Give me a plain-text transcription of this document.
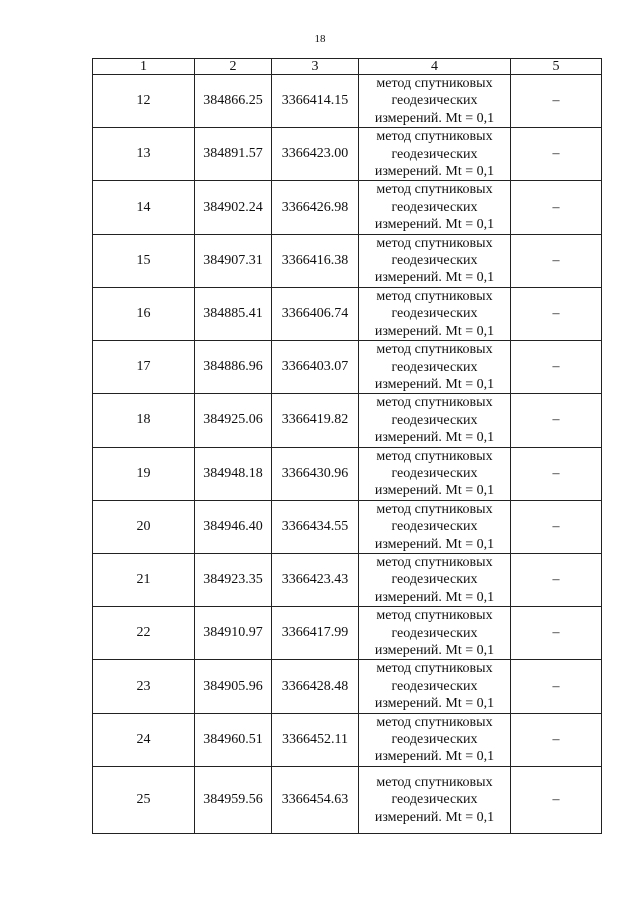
18
1	2	3	4	5
12	384866.25	3366414.15	метод спутниковых
геодезических
измерений. Mt = 0,1	–
13	384891.57	3366423.00	метод спутниковых
геодезических
измерений. Mt = 0,1	–
14	384902.24	3366426.98	метод спутниковых
геодезических
измерений. Mt = 0,1	–
15	384907.31	3366416.38	метод спутниковых
геодезических
измерений. Mt = 0,1	–
16	384885.41	3366406.74	метод спутниковых
геодезических
измерений. Mt = 0,1	–
17	384886.96	3366403.07	метод спутниковых
геодезических
измерений. Mt = 0,1	–
18	384925.06	3366419.82	метод спутниковых
геодезических
измерений. Mt = 0,1	–
19	384948.18	3366430.96	метод спутниковых
геодезических
измерений. Mt = 0,1	–
20	384946.40	3366434.55	метод спутниковых
геодезических
измерений. Mt = 0,1	–
21	384923.35	3366423.43	метод спутниковых
геодезических
измерений. Mt = 0,1	–
22	384910.97	3366417.99	метод спутниковых
геодезических
измерений. Mt = 0,1	–
23	384905.96	3366428.48	метод спутниковых
геодезических
измерений. Mt = 0,1	–
24	384960.51	3366452.11	метод спутниковых
геодезических
измерений. Mt = 0,1	–
25	384959.56	3366454.63	метод спутниковых
геодезических
измерений. Mt = 0,1	–
